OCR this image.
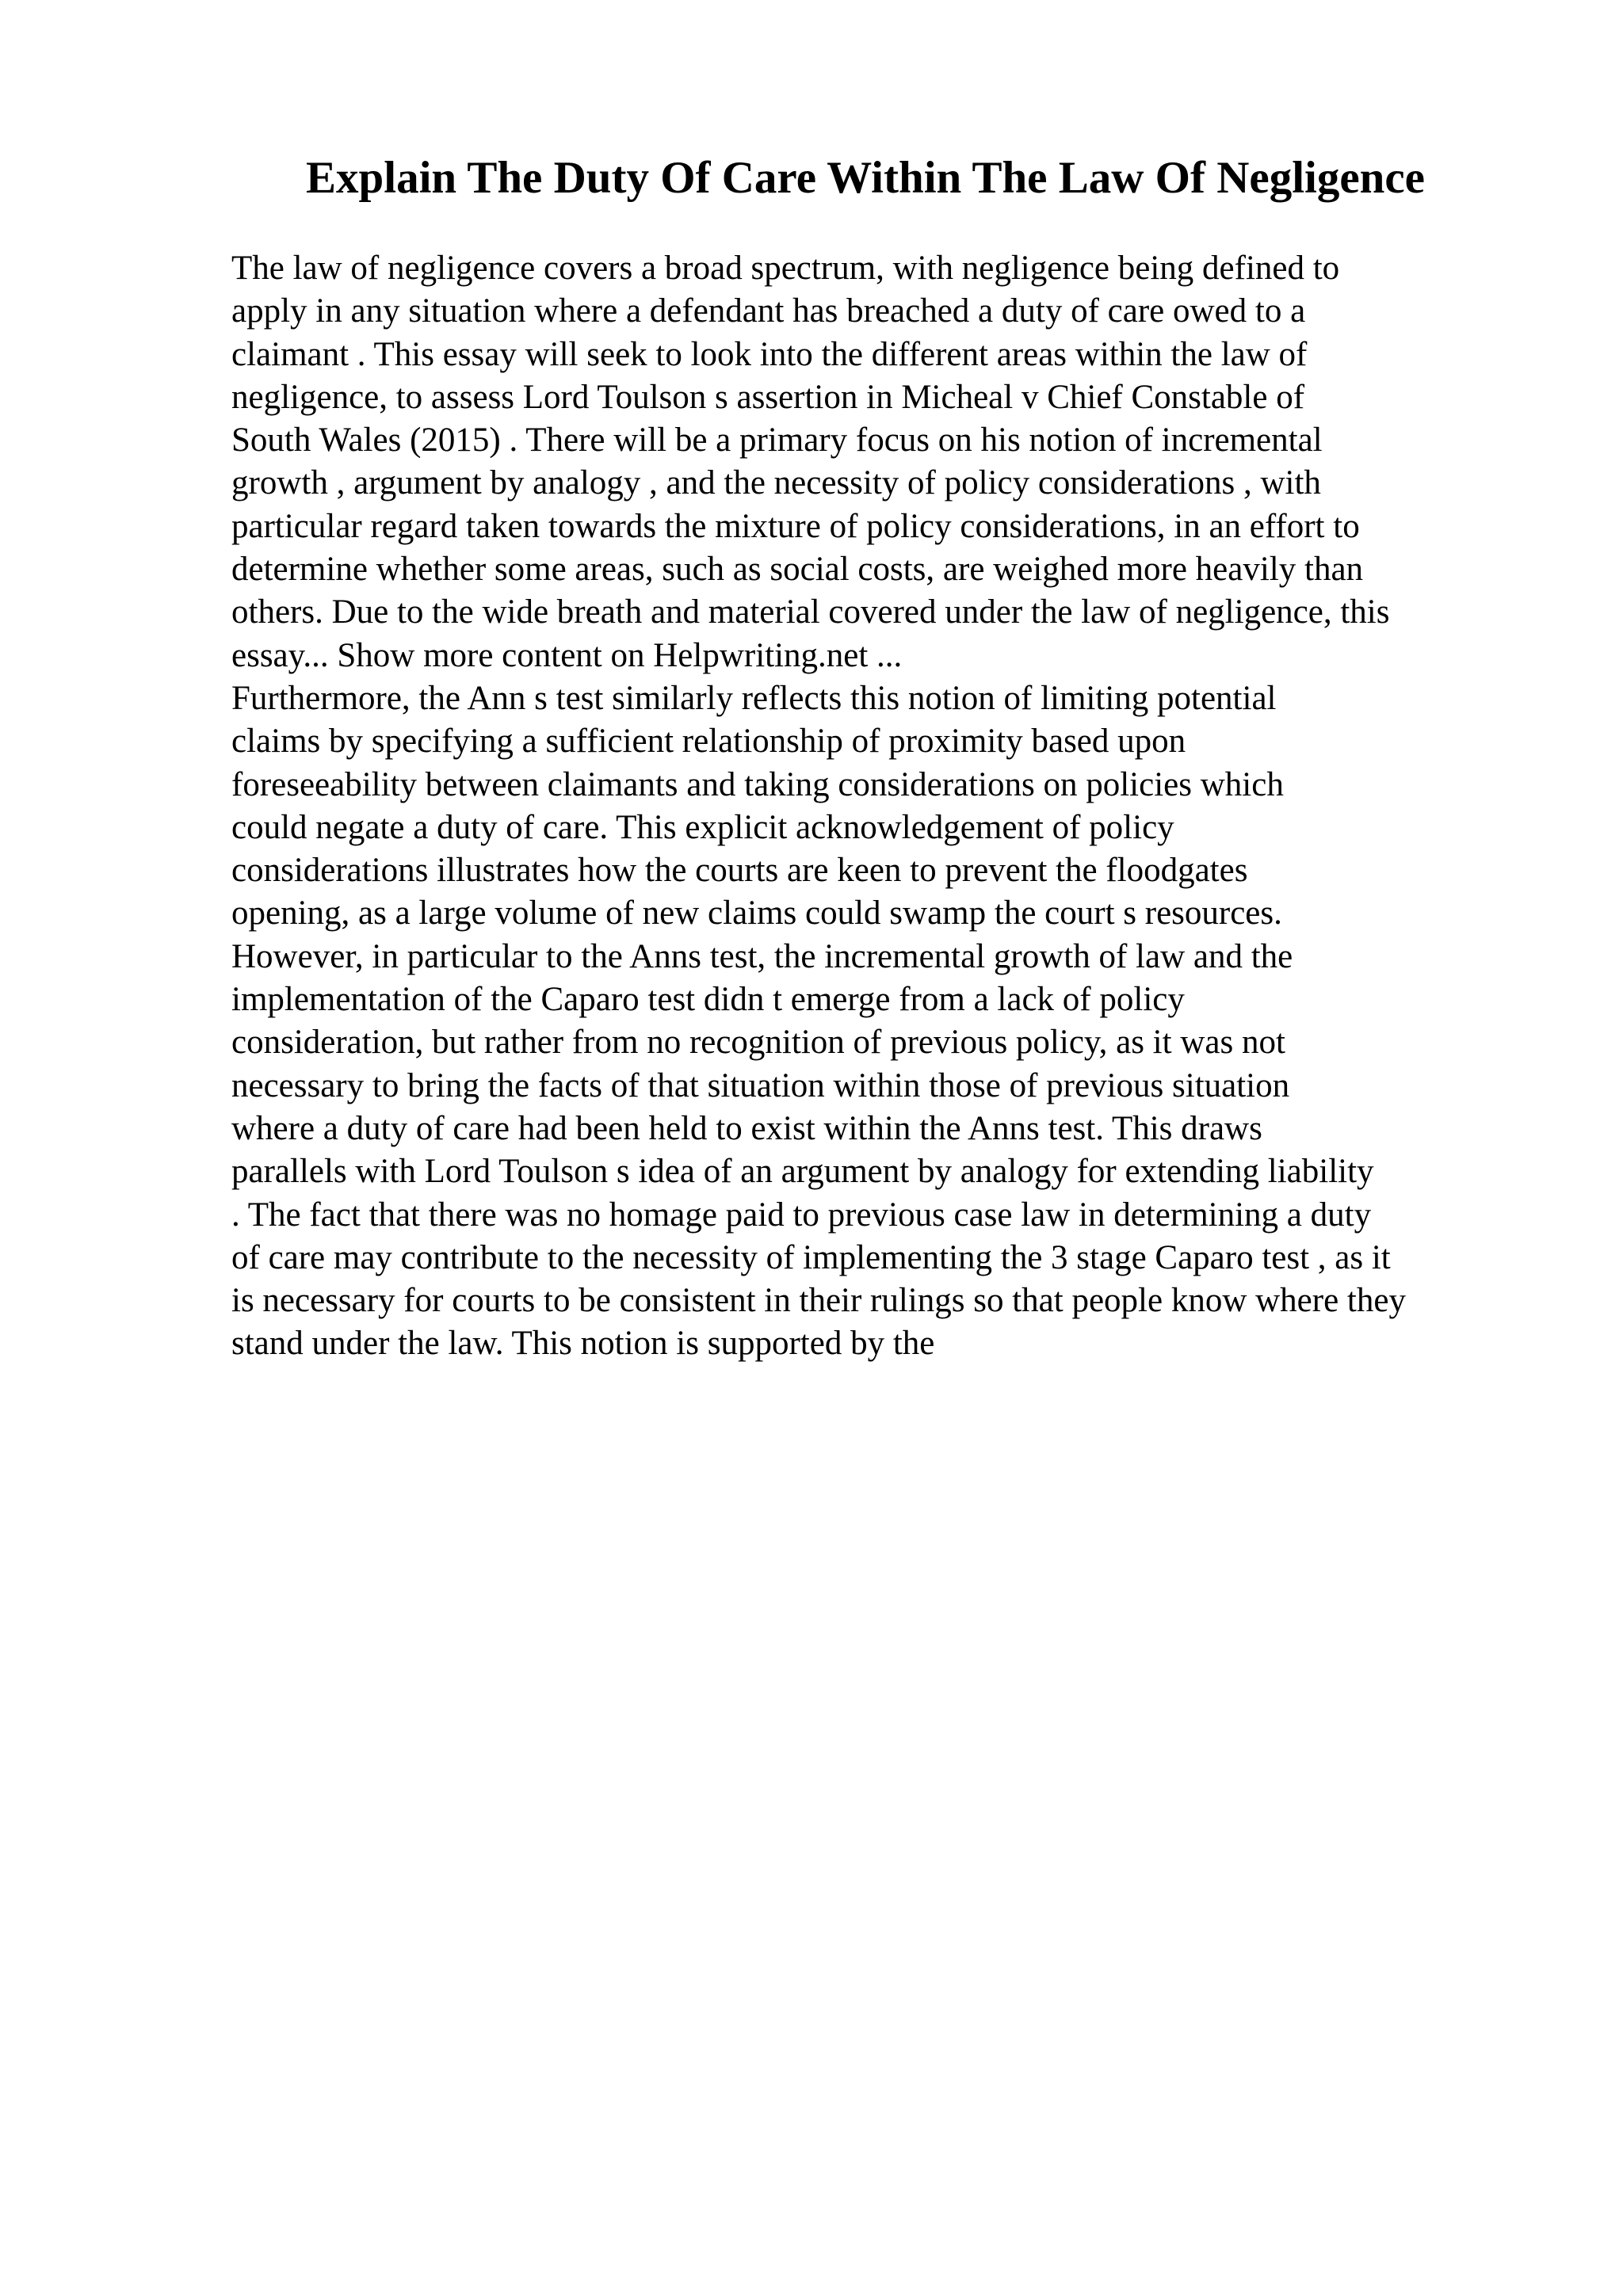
Explain The Duty Of Care Within The Law Of Negligence
The law of negligence covers a broad spectrum, with negligence being defined to
apply in any situation where a defendant has breached a duty of care owed to a
claimant . This essay will seek to look into the different areas within the law of
negligence, to assess Lord Toulson s assertion in Micheal v Chief Constable of
South Wales (2015) . There will be a primary focus on his notion of incremental
growth , argument by analogy , and the necessity of policy considerations , with
particular regard taken towards the mixture of policy considerations, in an effort to
determine whether some areas, such as social costs, are weighed more heavily than
others. Due to the wide breath and material covered under the law of negligence, this
essay... Show more content on Helpwriting.net ...
Furthermore, the Ann s test similarly reflects this notion of limiting potential
claims by specifying a sufficient relationship of proximity based upon
foreseeability between claimants and taking considerations on policies which
could negate a duty of care. This explicit acknowledgement of policy
considerations illustrates how the courts are keen to prevent the floodgates
opening, as a large volume of new claims could swamp the court s resources.
However, in particular to the Anns test, the incremental growth of law and the
implementation of the Caparo test didn t emerge from a lack of policy
consideration, but rather from no recognition of previous policy, as it was not
necessary to bring the facts of that situation within those of previous situation
where a duty of care had been held to exist within the Anns test. This draws
parallels with Lord Toulson s idea of an argument by analogy for extending liability
. The fact that there was no homage paid to previous case law in determining a duty
of care may contribute to the necessity of implementing the 3 stage Caparo test , as it
is necessary for courts to be consistent in their rulings so that people know where they
stand under the law. This notion is supported by the
